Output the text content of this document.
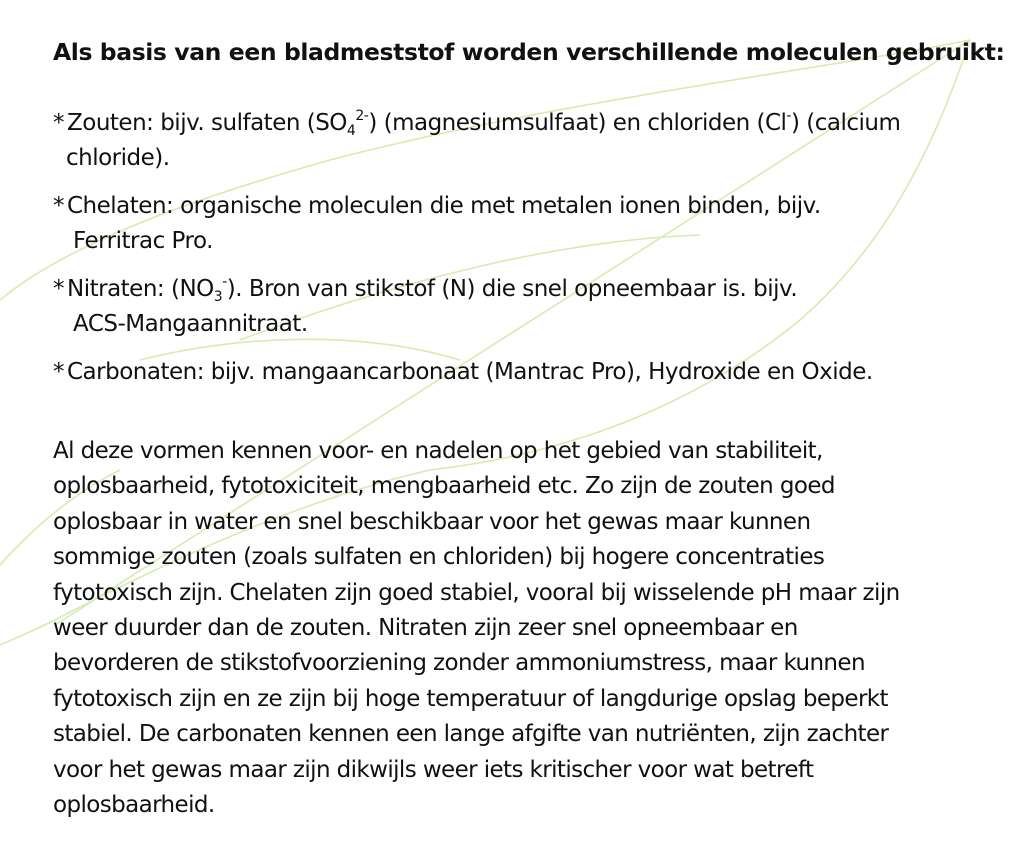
Als basis van een bladmeststof worden verschillende moleculen gebruikt:
* Zouten: bijv. sulfaten $(SO_4^{2-})$ (magnesiumsulfaat) en chloriden (Cl-) (calcium
chloride).
* Chelaten: organische moleculen die met metalen ionen binden, bijv.
Ferritrac Pro.
* Nitraten: $(NO_3^-)$. Bron van stikstof (N) die snel opneembaar is. bijv.
ACS-Mangaannitraat.
* Carbonaten: bijv. mangaancarbonaat (Mantrac Pro), Hydroxide en Oxide.
Al deze vormen kennen voor- en nadelen op het gebied van stabiliteit,
oplosbaarheid, fytotoxiciteit, mengbaarheid etc. Zo zijn de zouten goed
oplosbaar in water en snel beschikbaar voor het gewas maar kunnen
sommige zouten (zoals sulfaten en chloriden) bij hogere concentraties
fytotoxisch zijn. Chelaten zijn goed stabiel, vooral bij wisselende pH maar zijn
weer duurder dan de zouten. Nitraten zijn zeer snel opneembaar en
bevorderen de stikstofvoorziening zonder ammoniumstress, maar kunnen
fytotoxisch zijn en ze zijn bij hoge temperatuur of langdurige opslag beperkt
stabiel. De carbonaten kennen een lange afgifte van nutriënten, zijn zachter
voor het gewas maar zijn dikwijls weer iets kritischer voor wat betreft
oplosbaarheid.
